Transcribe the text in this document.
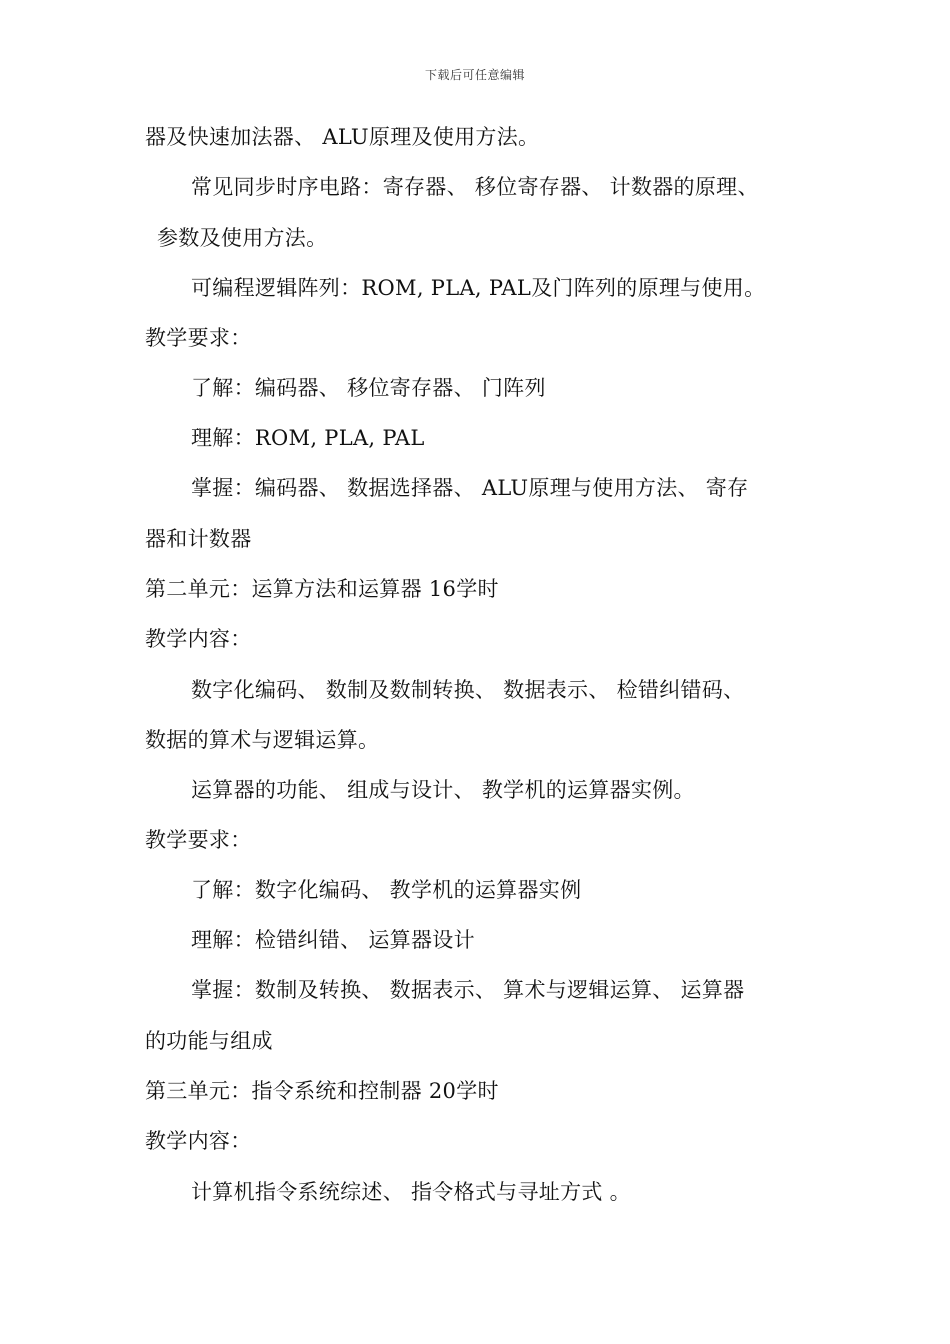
下载后可任意编辑
器及快速加法器、 ALU原理及使用方法。
常见同步时序电路：寄存器、 移位寄存器、 计数器的原理、
参数及使用方法。
可编程逻辑阵列：ROM, PLA, PAL及门阵列的原理与使用。
教学要求：
了解：编码器、 移位寄存器、 门阵列
理解：ROM, PLA, PAL
掌握：编码器、 数据选择器、 ALU原理与使用方法、 寄存
器和计数器
第二单元：运算方法和运算器 16学时
教学内容：
数字化编码、 数制及数制转换、 数据表示、 检错纠错码、
数据的算术与逻辑运算。
运算器的功能、 组成与设计、 教学机的运算器实例。
教学要求：
了解：数字化编码、 教学机的运算器实例
理解：检错纠错、 运算器设计
掌握：数制及转换、 数据表示、 算术与逻辑运算、 运算器
的功能与组成
第三单元：指令系统和控制器 20学时
教学内容：
计算机指令系统综述、 指令格式与寻址方式 。
